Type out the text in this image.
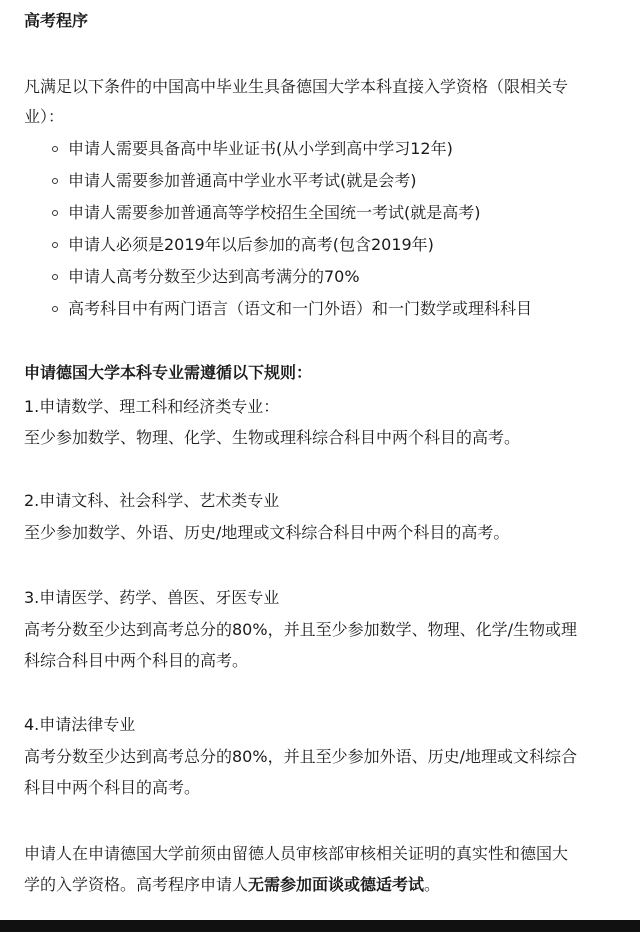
高考程序
凡满足以下条件的中国高中毕业生具备德国大学本科直接入学资格（限相关专
业）：
申请人需要具备高中毕业证书(从小学到高中学习12年)
申请人需要参加普通高中学业水平考试(就是会考)
申请人需要参加普通高等学校招生全国统一考试(就是高考)
申请人必须是2019年以后参加的高考(包含2019年)
申请人高考分数至少达到高考满分的70%
高考科目中有两门语言（语文和一门外语）和一门数学或理科科目
申请德国大学本科专业需遵循以下规则：
1.申请数学、理工科和经济类专业：
至少参加数学、物理、化学、生物或理科综合科目中两个科目的高考。
2.申请文科、社会科学、艺术类专业
至少参加数学、外语、历史/地理或文科综合科目中两个科目的高考。
3.申请医学、药学、兽医、牙医专业
高考分数至少达到高考总分的80%，并且至少参加数学、物理、化学/生物或理
科综合科目中两个科目的高考。
4.申请法律专业
高考分数至少达到高考总分的80%，并且至少参加外语、历史/地理或文科综合
科目中两个科目的高考。
申请人在申请德国大学前须由留德人员审核部审核相关证明的真实性和德国大
学的入学资格。高考程序申请人无需参加面谈或德适考试。
